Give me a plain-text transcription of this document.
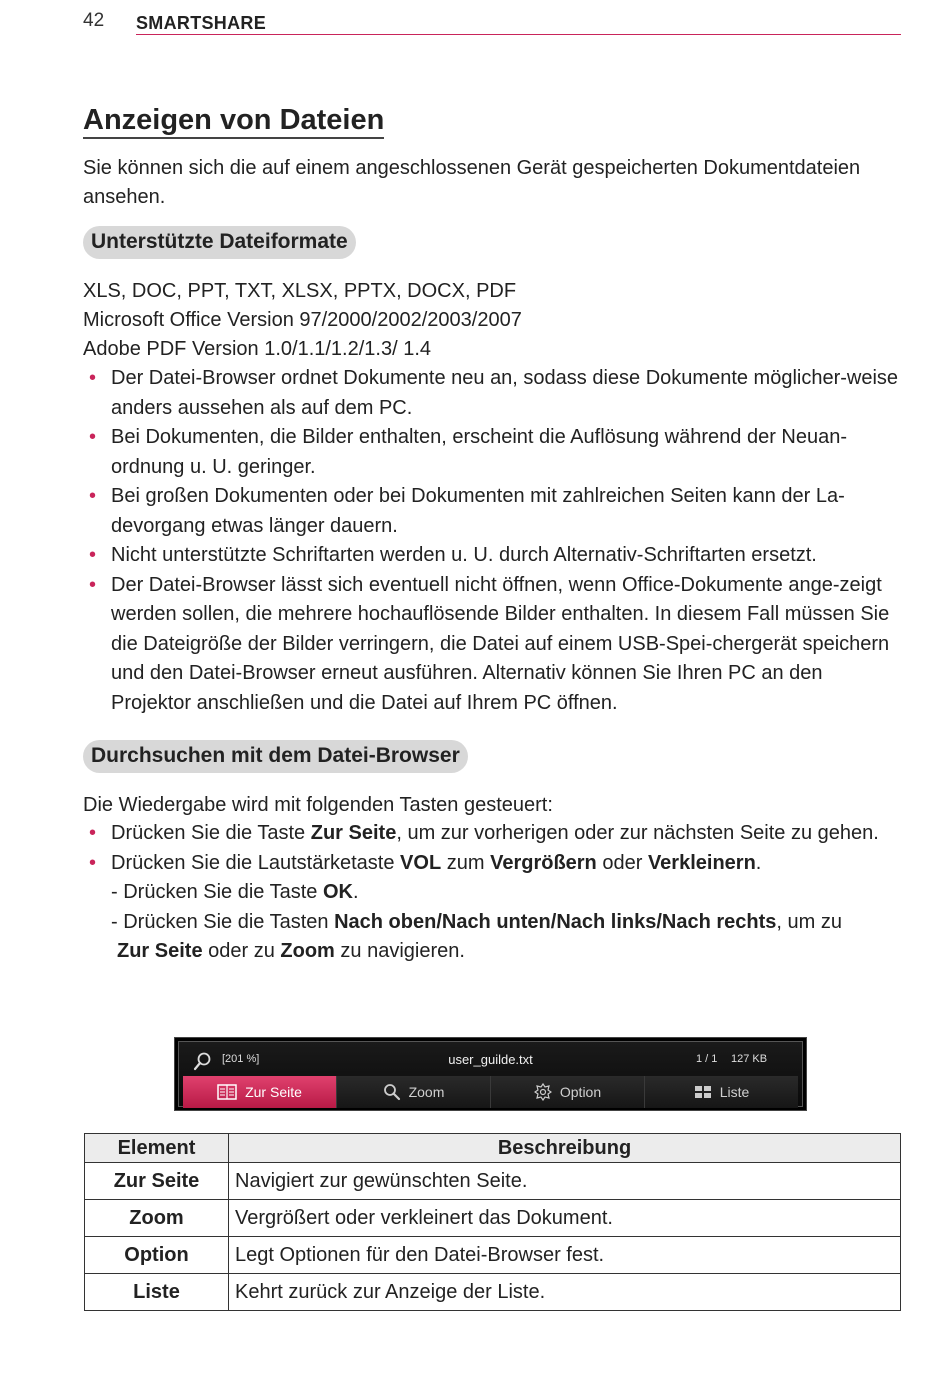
42 SMARTSHARE
Anzeigen von Dateien

Sie können sich die auf einem angeschlossenen Gerät gespeicherten Dokumentdateien ansehen.

Unterstützte Dateiformate

XLS, DOC, PPT, TXT, XLSX, PPTX, DOCX, PDF

Microsoft Office Version 97/2000/2002/2003/2007

Adobe PDF Version 1.0/1.1/1.2/1.3/ 1.4

• Der Datei-Browser ordnet Dokumente neu an, sodass diese Dokumente möglicher-weise anders aussehen als auf dem PC.
• Bei Dokumenten, die Bilder enthalten, erscheint die Auflösung während der Neuan-ordnung u. U. geringer.
• Bei großen Dokumenten oder bei Dokumenten mit zahlreichen Seiten kann der La-devorgang etwas länger dauern.
• Nicht unterstützte Schriftarten werden u. U. durch Alternativ-Schriftarten ersetzt.
• Der Datei-Browser lässt sich eventuell nicht öffnen, wenn Office-Dokumente ange-zeigt werden sollen, die mehrere hochauflösende Bilder enthalten. In diesem Fall müssen Sie die Dateigröße der Bilder verringern, die Datei auf einem USB-Spei-chergerät speichern und den Datei-Browser erneut ausführen. Alternativ können Sie Ihren PC an den Projektor anschließen und die Datei auf Ihrem PC öffnen.
Durchsuchen mit dem Datei-Browser

Die Wiedergabe wird mit folgenden Tasten gesteuert:

• Drücken Sie die Taste Zur Seite, um zur vorherigen oder zur nächsten Seite zu gehen.
• Drücken Sie die Lautstärketaste VOL zum Vergrößern oder Verkleinern.
- Drücken Sie die Taste OK.
- Drücken Sie die Tasten Nach oben/Nach unten/Nach links/Nach rechts, um zu
Zur Seite oder zu Zoom zu navigieren.
[201 %]	user_guilde.txt	1 / 1 127 KB
Zur Seite	Zoom	Option	Liste
Element	Beschreibung
Zur Seite	Navigiert zur gewünschten Seite.
Zoom	Vergrößert oder verkleinert das Dokument.
Option	Legt Optionen für den Datei-Browser fest.
Liste	Kehrt zurück zur Anzeige der Liste.
